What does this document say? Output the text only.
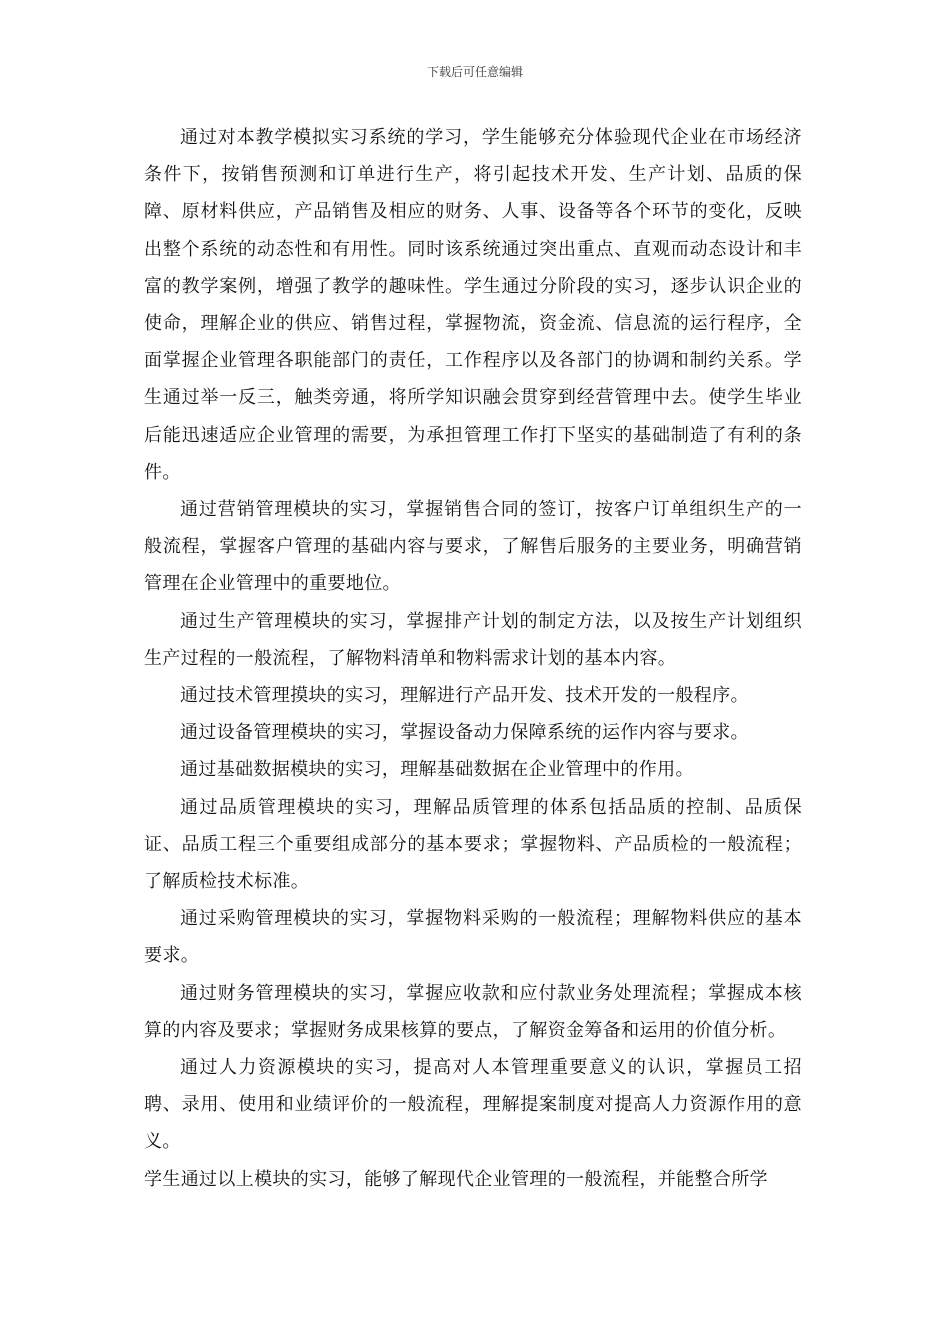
下载后可任意编辑

通过对本教学模拟实习系统的学习，学生能够充分体验现代企业在市场经济条件下，按销售预测和订单进行生产，将引起技术开发、生产计划、品质的保障、原材料供应，产品销售及相应的财务、人事、设备等各个环节的变化，反映出整个系统的动态性和有用性。同时该系统通过突出重点、直观而动态设计和丰富的教学案例，增强了教学的趣味性。学生通过分阶段的实习，逐步认识企业的使命，理解企业的供应、销售过程，掌握物流，资金流、信息流的运行程序，全面掌握企业管理各职能部门的责任，工作程序以及各部门的协调和制约关系。学生通过举一反三，触类旁通，将所学知识融会贯穿到经营管理中去。使学生毕业后能迅速适应企业管理的需要，为承担管理工作打下坚实的基础制造了有利的条件。

通过营销管理模块的实习，掌握销售合同的签订，按客户订单组织生产的一般流程，掌握客户管理的基础内容与要求，了解售后服务的主要业务，明确营销管理在企业管理中的重要地位。

通过生产管理模块的实习，掌握排产计划的制定方法，以及按生产计划组织生产过程的一般流程，了解物料清单和物料需求计划的基本内容。

通过技术管理摸块的实习，理解进行产品开发、技术开发的一般程序。

通过设备管理模块的实习，掌握设备动力保障系统的运作内容与要求。

通过基础数据模块的实习，理解基础数据在企业管理中的作用。

通过品质管理模块的实习，理解品质管理的体系包括品质的控制、品质保证、品质工程三个重要组成部分的基本要求；掌握物料、产品质检的一般流程；了解质检技术标准。

通过采购管理模块的实习，掌握物料采购的一般流程；理解物料供应的基本要求。

通过财务管理模块的实习，掌握应收款和应付款业务处理流程；掌握成本核算的内容及要求；掌握财务成果核算的要点，了解资金筹备和运用的价值分析。

通过人力资源模块的实习，提高对人本管理重要意义的认识，掌握员工招聘、录用、使用和业绩评价的一般流程，理解提案制度对提高人力资源作用的意义。

学生通过以上模块的实习，能够了解现代企业管理的一般流程，并能整合所学
